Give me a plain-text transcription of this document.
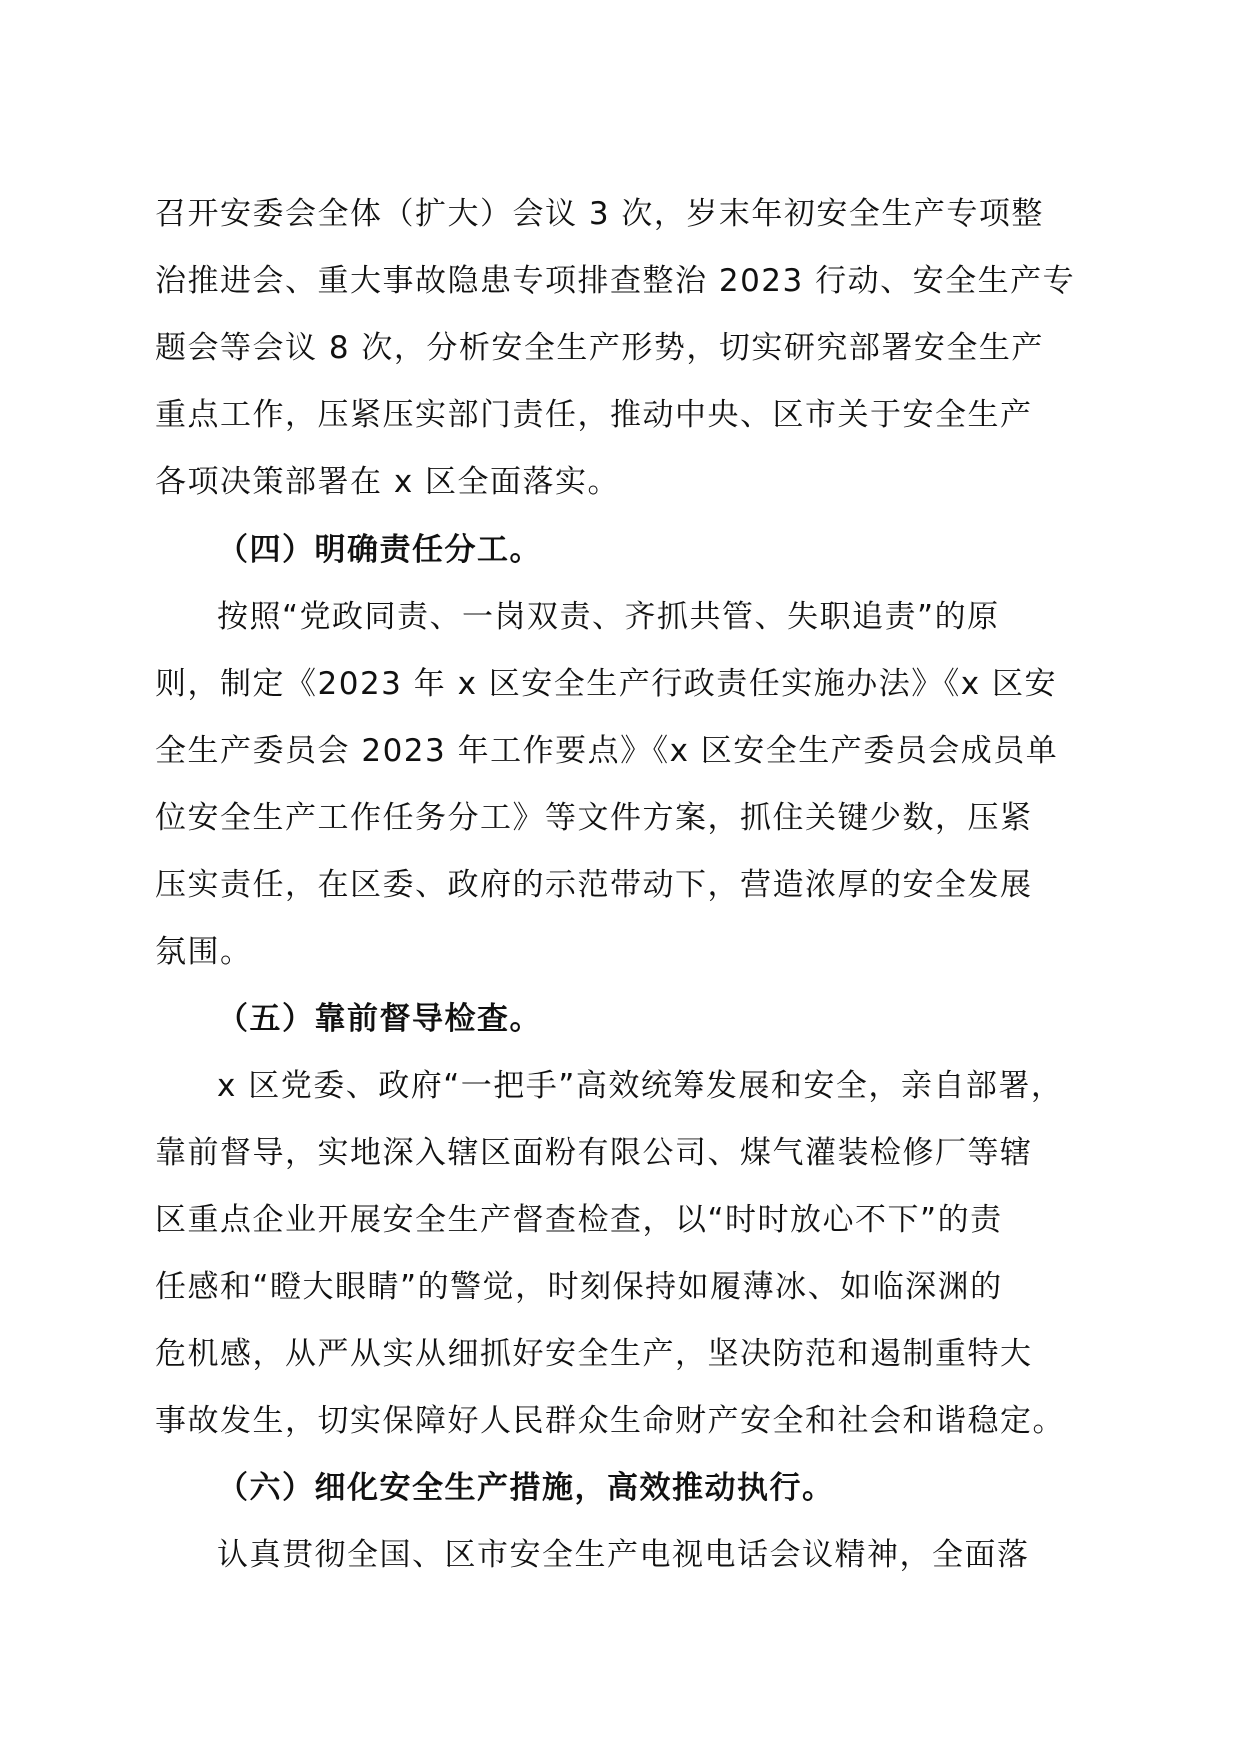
召开安委会全体（扩大）会议 3 次，岁末年初安全生产专项整
治推进会、重大事故隐患专项排查整治 2023 行动、安全生产专
题会等会议 8 次，分析安全生产形势，切实研究部署安全生产
重点工作，压紧压实部门责任，推动中央、区市关于安全生产
各项决策部署在 x 区全面落实。
（四）明确责任分工。
按照“党政同责、一岗双责、齐抓共管、失职追责”的原
则，制定《2023 年 x 区安全生产行政责任实施办法》《x 区安
全生产委员会 2023 年工作要点》《x 区安全生产委员会成员单
位安全生产工作任务分工》等文件方案，抓住关键少数，压紧
压实责任，在区委、政府的示范带动下，营造浓厚的安全发展
氛围。
（五）靠前督导检查。
x 区党委、政府“一把手”高效统筹发展和安全，亲自部署，
靠前督导，实地深入辖区面粉有限公司、煤气灌装检修厂等辖
区重点企业开展安全生产督查检查，以“时时放心不下”的责
任感和“瞪大眼睛”的警觉，时刻保持如履薄冰、如临深渊的
危机感，从严从实从细抓好安全生产，坚决防范和遏制重特大
事故发生，切实保障好人民群众生命财产安全和社会和谐稳定。
（六）细化安全生产措施，高效推动执行。
认真贯彻全国、区市安全生产电视电话会议精神，全面落
